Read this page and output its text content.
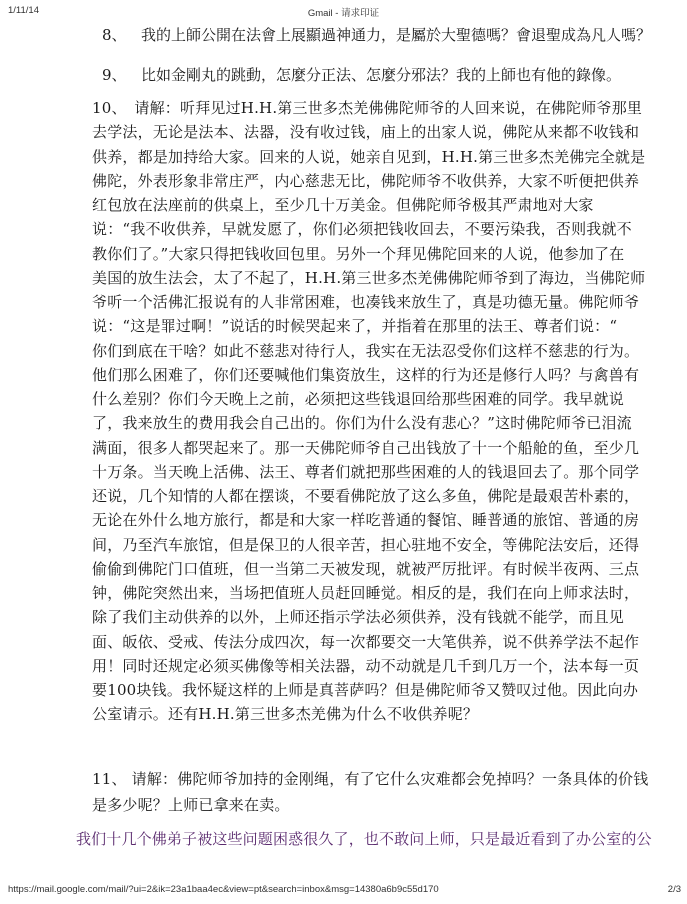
1/11/14	Gmail - 请求印证
8、 我的上師公開在法會上展顯過神通力，是屬於大聖德嗎？會退聖成為凡人嗎？
9、 比如金剛丸的跳動，怎麼分正法、怎麼分邪法？我的上師也有他的錄像。
10、　请解：听拜见过H.H.第三世多杰羌佛佛陀师爷的人回来说，在佛陀师爷那里
去学法，无论是法本、法器，没有收过钱，庙上的出家人说，佛陀从来都不收钱和
供养，都是加持给大家。回来的人说，她亲自见到，H.H.第三世多杰羌佛完全就是
佛陀，外表形象非常庄严，内心慈悲无比，佛陀师爷不收供养，大家不听便把供养
红包放在法座前的供桌上，至少几十万美金。但佛陀师爷极其严肃地对大家
说：“我不收供养，早就发愿了，你们必须把钱收回去，不要污染我，否则我就不
教你们了。”大家只得把钱收回包里。另外一个拜见佛陀回来的人说，他参加了在
美国的放生法会，太了不起了，H.H.第三世多杰羌佛佛陀师爷到了海边，当佛陀师
爷听一个活佛汇报说有的人非常困难，也凑钱来放生了，真是功德无量。佛陀师爷
说：“这是罪过啊！”说话的时候哭起来了，并指着在那里的法王、尊者们说：“
你们到底在干啥？如此不慈悲对待行人，我实在无法忍受你们这样不慈悲的行为。
他们那么困难了，你们还要喊他们集资放生，这样的行为还是修行人吗？与禽兽有
什么差别？你们今天晚上之前，必须把这些钱退回给那些困难的同学。我早就说
了，我来放生的费用我会自己出的。你们为什么没有悲心？”这时佛陀师爷已泪流
满面，很多人都哭起来了。那一天佛陀师爷自己出钱放了十一个船舱的鱼，至少几
十万条。当天晚上活佛、法王、尊者们就把那些困难的人的钱退回去了。那个同学
还说，几个知情的人都在摆谈，不要看佛陀放了这么多鱼，佛陀是最艰苦朴素的，
无论在外什么地方旅行，都是和大家一样吃普通的餐馆、睡普通的旅馆、普通的房
间，乃至汽车旅馆，但是保卫的人很辛苦，担心驻地不安全，等佛陀法安后，还得
偷偷到佛陀门口值班，但一当第二天被发现，就被严厉批评。有时候半夜两、三点
钟，佛陀突然出来，当场把值班人员赶回睡觉。相反的是，我们在向上师求法时，
除了我们主动供养的以外，上师还指示学法必须供养，没有钱就不能学，而且见
面、皈依、受戒、传法分成四次，每一次都要交一大笔供养，说不供养学法不起作
用！同时还规定必须买佛像等相关法器，动不动就是几千到几万一个，法本每一页
要100块钱。我怀疑这样的上师是真菩萨吗？但是佛陀师爷又赞叹过他。因此向办
公室请示。还有H.H.第三世多杰羌佛为什么不收供养呢？
11、 请解：佛陀师爷加持的金刚绳，有了它什么灾难都会免掉吗？一条具体的价钱
是多少呢？上师已拿来在卖。
我们十几个佛弟子被这些问题困惑很久了，也不敢问上师，只是最近看到了办公室的公
https://mail.google.com/mail/?ui=2&ik=23a1baa4ec&view=pt&search=inbox&msg=14380a6b9c55d170	2/3
